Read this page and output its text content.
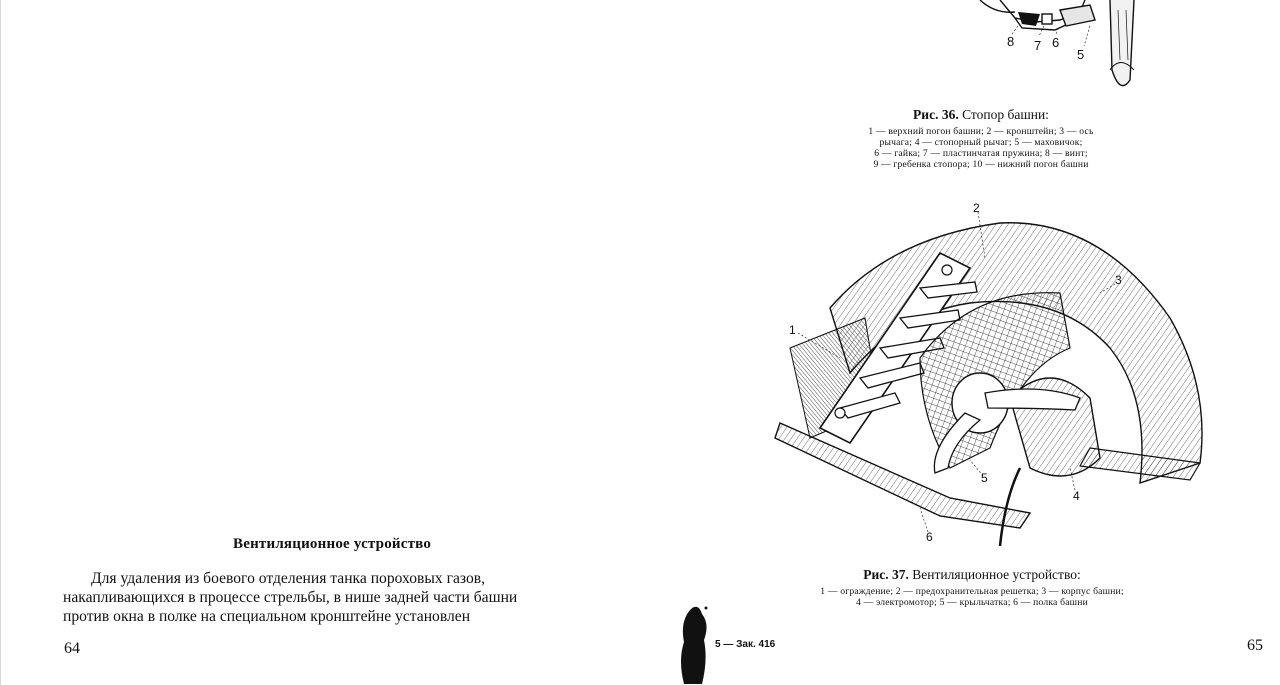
Вентиляционное устройство

Для удаления из боевого отделения танка пороховых газов,

накапливающихся в процессе стрельбы, в нише задней части башни

против окна в полке на специальном кронштейне установлен

64
8 7 6
5
Рис. 36. Стопор башни:
1 — верхний погон башни; 2 — кронштейн; 3 — ось
рычага; 4 — стопорный рычаг; 5 — маховичок;
6 — гайка; 7 — пластинчатая пружина; 8 — винт;
9 — гребенка стопора; 10 — нижний погон башни
1
2
3
4
5
6
Рис. 37. Вентиляционное устройство:
1 — ограждение; 2 — предохранительная решетка; 3 — корпус башни;
4 — электромотор; 5 — крыльчатка; 6 — полка башни
5 — Зак. 416	65
